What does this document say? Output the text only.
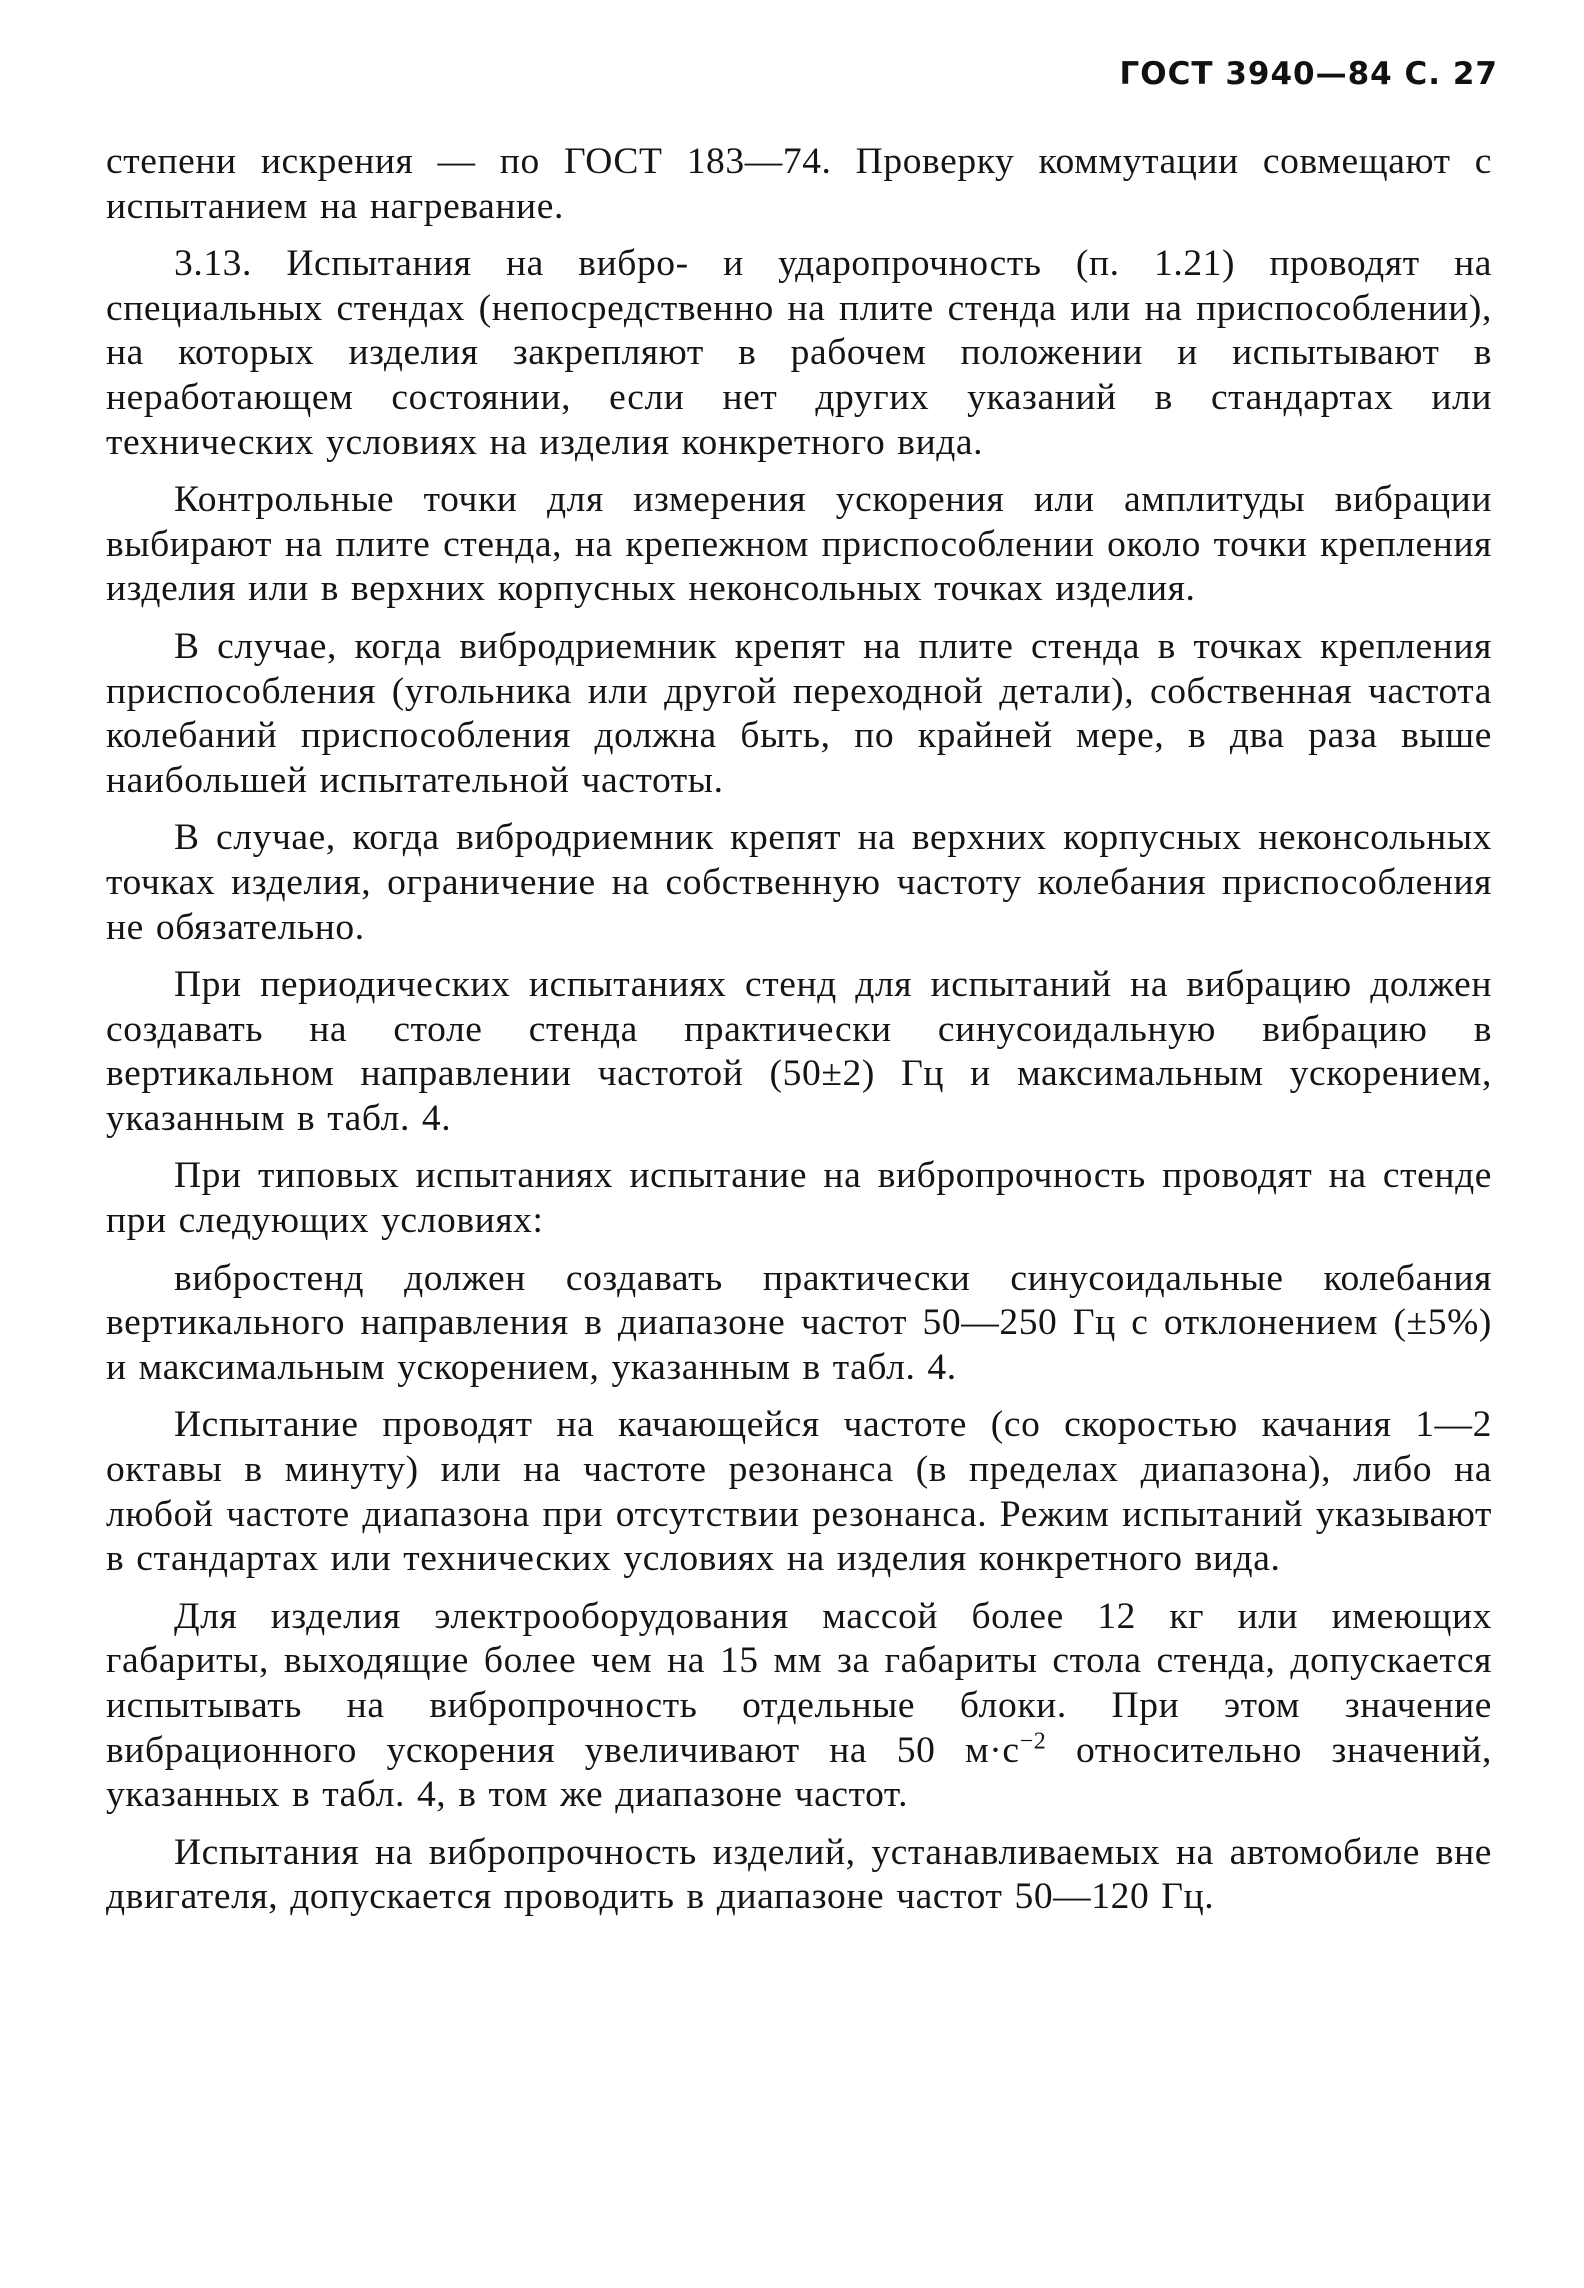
ГОСТ 3940—84 С. 27

степени искрения — по ГОСТ 183—74. Проверку коммутации совмещают с испытанием на нагревание.

3.13. Испытания на вибро- и ударопрочность (п. 1.21) проводят на специальных стендах (непосредственно на плите стенда или на приспособлении), на которых изделия закрепляют в рабочем положении и испытывают в неработающем состоянии, если нет других указаний в стандартах или технических условиях на изделия конкретного вида.

Контрольные точки для измерения ускорения или амплитуды вибрации выбирают на плите стенда, на крепежном приспособлении около точки крепления изделия или в верхних корпусных неконсольных точках изделия.

В случае, когда вибродриемник крепят на плите стенда в точках крепления приспособления (угольника или другой переходной детали), собственная частота колебаний приспособления должна быть, по крайней мере, в два раза выше наибольшей испытательной частоты.

В случае, когда вибродриемник крепят на верхних корпусных неконсольных точках изделия, ограничение на собственную частоту колебания приспособления не обязательно.

При периодических испытаниях стенд для испытаний на вибрацию должен создавать на столе стенда практически синусоидальную вибрацию в вертикальном направлении частотой (50±2) Гц и максимальным ускорением, указанным в табл. 4.

При типовых испытаниях испытание на вибропрочность проводят на стенде при следующих условиях:

вибростенд должен создавать практически синусоидальные колебания вертикального направления в диапазоне частот 50—250 Гц с отклонением (±5%) и максимальным ускорением, указанным в табл. 4.

Испытание проводят на качающейся частоте (со скоростью качания 1—2 октавы в минуту) или на частоте резонанса (в пределах диапазона), либо на любой частоте диапазона при отсутствии резонанса. Режим испытаний указывают в стандартах или технических условиях на изделия конкретного вида.

Для изделия электрооборудования массой более 12 кг или имеющих габариты, выходящие более чем на 15 мм за габариты стола стенда, допускается испытывать на вибропрочность отдельные блоки. При этом значение вибрационного ускорения увеличивают на 50 $м\cdot с^{-2}$ относительно значений, указанных в табл. 4, в том же диапазоне частот.

Испытания на вибропрочность изделий, устанавливаемых на автомобиле вне двигателя, допускается проводить в диапазоне частот 50—120 Гц.
